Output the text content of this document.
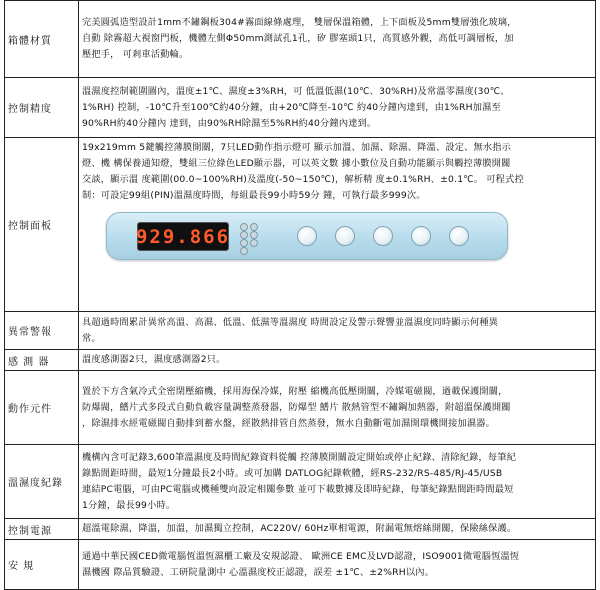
箱體材質	完美圓弧造型設計1mm不鏽鋼板304#霧面線條處理， 雙層保溫箱體，上下面板及5mm雙層強化玻璃，
自動 除霧超大視窗門板，機體左側Φ50mm測試孔1孔，矽 膠塞頭1只，高質感外觀，高低可調層板，加
壓把手， 可剎車活動輪。

控制精度	溫濕度控制範圍圖內，溫度±1℃、濕度±3%RH，可 低溫低濕(10℃、30%RH)及常溫零濕度(30℃、
1%RH) 控制，-10℃升至100℃約40分鐘，由+20℃降至-10℃ 約40分鐘內達到，由1%RH加濕至
90%RH約40分鐘內 達到，由90%RH除濕至5%RH約40分鐘內達到。

控制面板	19x219mm 5鍵觸控薄膜開關，7只LED動作指示燈可 顯示加溫、加濕、除濕、降溫、設定、無水指示
燈、機 構保養通知燈，雙組三位綠色LED顯示器，可以英文數 據小數位及自動功能顯示與觸控薄膜開關
交談，顯示溫 度範圍(00.0~100%RH)及溫度(-50~150℃)，解析精 度±0.1%RH、±0.1℃。 可程式控
制：可設定99組(PIN)溫濕度時間，每組最長99小時59分 鐘，可執行最多999次。
929.866

異常警報	具超過時間累計異常高溫、高濕、低溫、低濕等溫濕度 時間設定及警示聲響並溫濕度同時顯示何種異
常。

感 測 器	溫度感測器2只，濕度感測器2只。

動作元件	置於下方含氣冷式全密閉壓縮機，採用海保冷媒，附壓 縮機高低壓開關，冷媒電磁閥，過載保護開關，
防爆閥，鰭片式多段式自動負載容量調整蒸發器，防爆型 鰭片 散熱管型不鏽鋼加熱器，附超溫保護開關
，除濕排水經電磁閥自動排到蓄水盤，經散熱排管自然蒸發，無水自動斷電加濕開環機開接加濕器。

溫濕度紀錄	機構內含可記錄3,600筆溫濕度及時間紀錄資料從觸 控薄膜開關設定開始或停止紀錄、清除紀錄，每筆紀
錄點間距時間，最短1分鐘最長2小時。或可加購 DATLOG紀錄軟體，經RS-232/RS-485/RJ-45/USB
連結PC電腦，可由PC電腦或機種雙向設定相關參數 並可下載數據及即時紀錄，每筆紀錄點間距時間最短
1分鐘，最長99小時。

控制電源	超溫電除濕，降溫，加溫，加濕獨立控制，AC220V/ 60Hz單相電源，附漏電無熔絲開關，保險絲保護。

安 規	通過中華民國CED微電腦恆溫恆濕櫃工廠及安規認證、 歐洲CE EMC及LVD認證，ISO9001微電腦恆溫恆
濕機國 際品質驗證、工研院量測中 心溫濕度校正認證，誤差 ±1℃、±2%RH以內。
